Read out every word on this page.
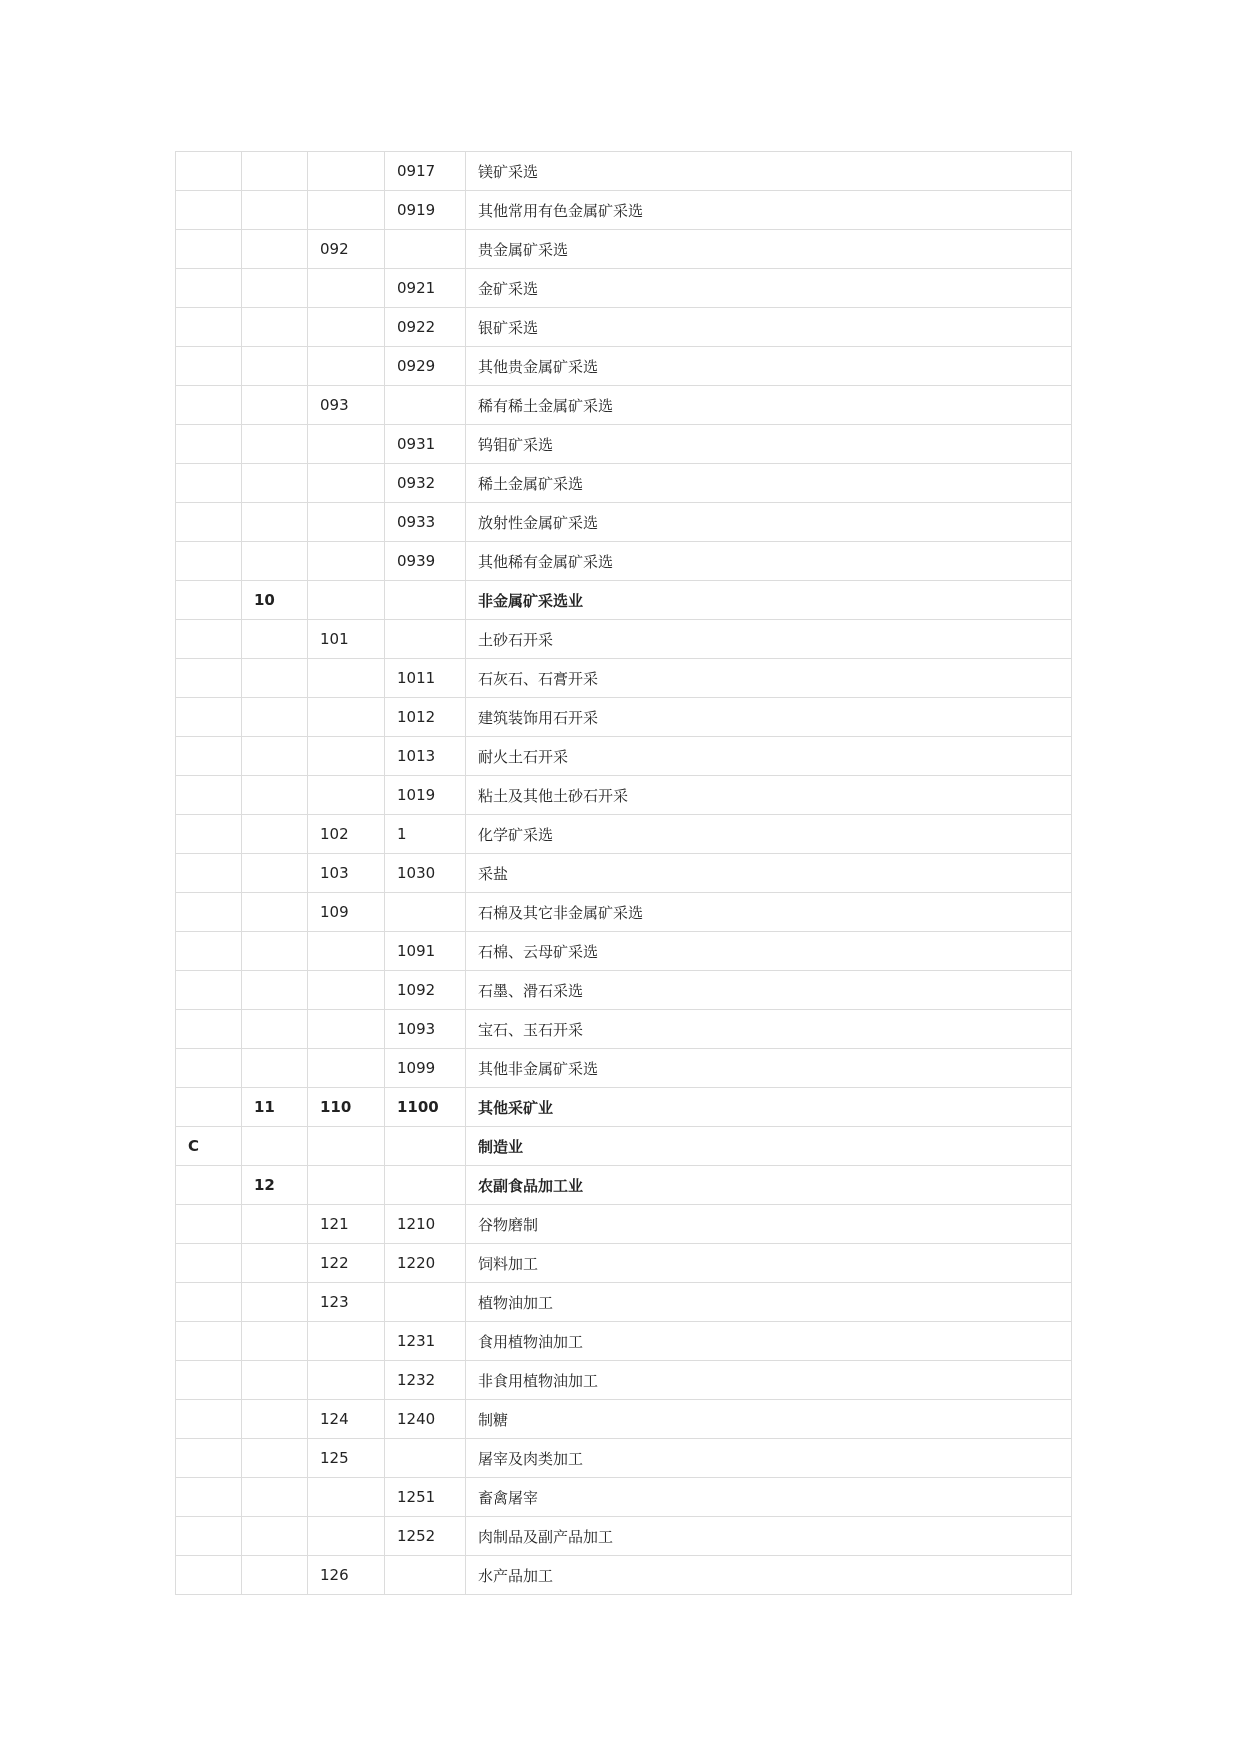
			0917	镁矿采选
			0919	其他常用有色金属矿采选
		092		贵金属矿采选
			0921	金矿采选
			0922	银矿采选
			0929	其他贵金属矿采选
		093		稀有稀土金属矿采选
			0931	钨钼矿采选
			0932	稀土金属矿采选
			0933	放射性金属矿采选
			0939	其他稀有金属矿采选
	10			非金属矿采选业
		101		土砂石开采
			1011	石灰石、石膏开采
			1012	建筑装饰用石开采
			1013	耐火土石开采
			1019	粘土及其他土砂石开采
		102	1	化学矿采选
		103	1030	采盐
		109		石棉及其它非金属矿采选
			1091	石棉、云母矿采选
			1092	石墨、滑石采选
			1093	宝石、玉石开采
			1099	其他非金属矿采选
	11	110	1100	其他采矿业
C				制造业
	12			农副食品加工业
		121	1210	谷物磨制
		122	1220	饲料加工
		123		植物油加工
			1231	食用植物油加工
			1232	非食用植物油加工
		124	1240	制糖
		125		屠宰及肉类加工
			1251	畜禽屠宰
			1252	肉制品及副产品加工
		126		水产品加工
